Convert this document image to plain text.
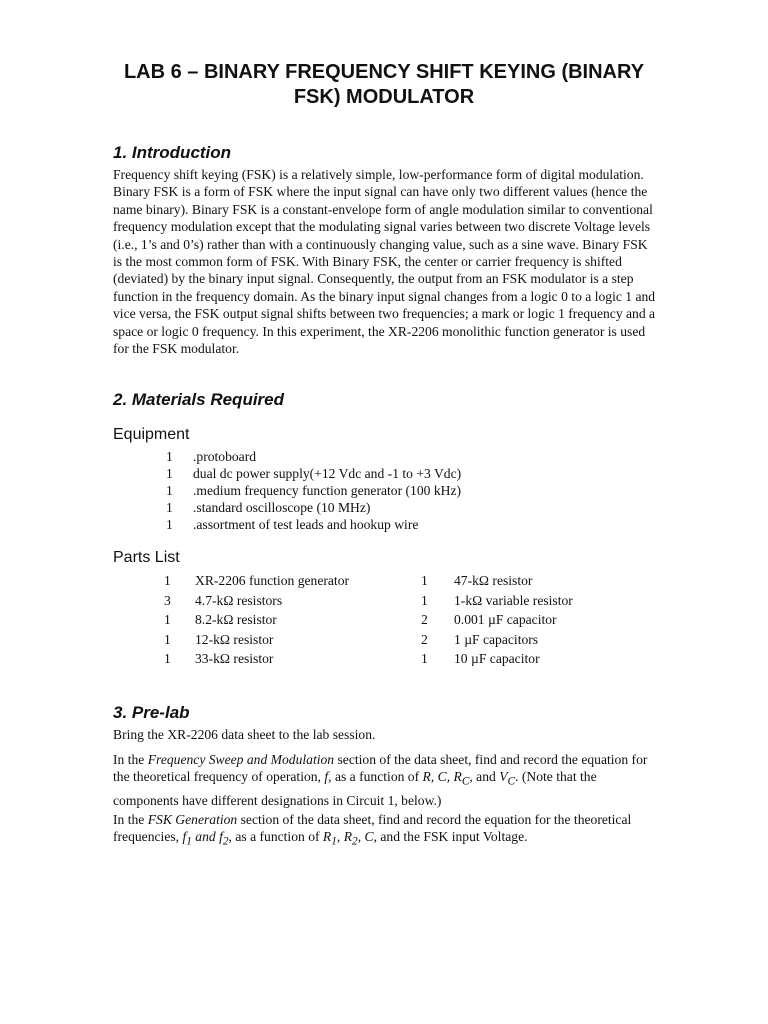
LAB 6 – BINARY FREQUENCY SHIFT KEYING (BINARY FSK) MODULATOR
1. Introduction

Frequency shift keying (FSK) is a relatively simple, low-performance form of digital modulation. Binary FSK is a form of FSK where the input signal can have only two different values (hence the name binary). Binary FSK is a constant-envelope form of angle modulation similar to conventional frequency modulation except that the modulating signal varies between two discrete Voltage levels (i.e., 1’s and 0’s) rather than with a continuously changing value, such as a sine wave. Binary FSK is the most common form of FSK. With Binary FSK, the center or carrier frequency is shifted (deviated) by the binary input signal. Consequently, the output from an FSK modulator is a step function in the frequency domain. As the binary input signal changes from a logic 0 to a logic 1 and vice versa, the FSK output signal shifts between two frequencies; a mark or logic 1 frequency and a space or logic 0 frequency. In this experiment, the XR-2206 monolithic function generator is used for the FSK modulator.

2. Materials Required
Equipment
1 .protoboard
1 dual dc power supply(+12 Vdc and -1 to +3 Vdc)
1 .medium frequency function generator (100 kHz)
1 .standard oscilloscope (10 MHz)
1 .assortment of test leads and hookup wire
Parts List
1 XR-2206 function generator	1 47-kΩ resistor
3 4.7-kΩ resistors	1 1-kΩ variable resistor
1 8.2-kΩ resistor	2 0.001 µF capacitor
1 12-kΩ resistor	2 1 µF capacitors
1 33-kΩ resistor	1 10 µF capacitor
3. Pre-lab

Bring the XR-2206 data sheet to the lab session.

In the Frequency Sweep and Modulation section of the data sheet, find and record the equation for the theoretical frequency of operation, f, as a function of R, C, $R_C$, and $V_C$. (Note that the components have different designations in Circuit 1, below.)

In the FSK Generation section of the data sheet, find and record the equation for the theoretical frequencies, $f_1$ and $f_2$, as a function of $R_1$, $R_2$, C, and the FSK input Voltage.
